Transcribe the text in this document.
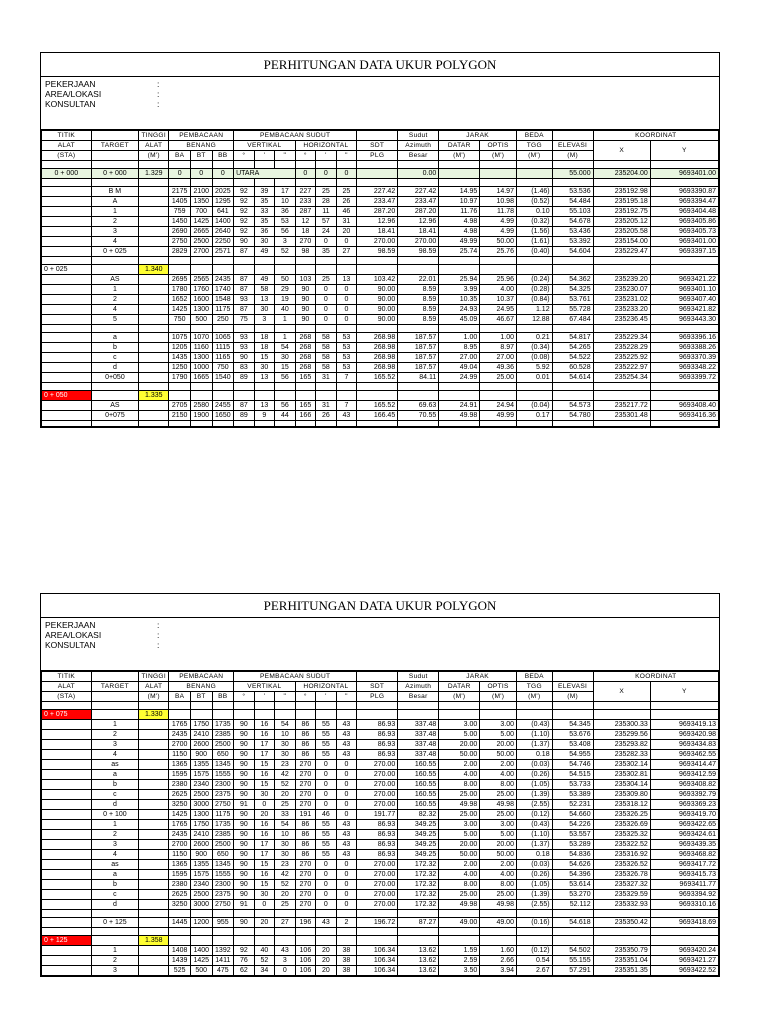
PERHITUNGAN DATA UKUR POLYGON
PEKERJAAN	:
AREA/LOKASI	:
KONSULTAN	:
TITIK		TINGGI	PEMBACAAN			PEMBACAAN SUDUT							Sudut	JARAK		BEDA		KOORDINAT	
ALAT	TARGET	ALAT	BENANG			VERTIKAL			HORIZONTAL			SDT	Azimuth	DATAR	OPTIS	TGG	ELEVASI	X	Y
(STA)		(M')	BA	BT	BB	°	'	"	°	'	"	PLG	Besar	(M')	(M')	(M')	(M)		

0 + 000	0 + 000	1.329	0	0	0	UTARA			0	0	0		0.00				55.000	235204.00	9693401.00

	B M		2175	2100	2025	92	39	17	227	25	25	227.42	227.42	14.95	14.97	(1.46)	53.536	235192.98	9693390.87
	A		1405	1350	1295	92	35	10	233	28	26	233.47	233.47	10.97	10.98	(0.52)	54.484	235195.18	9693394.47
	1		759	700	641	92	33	36	287	11	46	287.20	287.20	11.76	11.78	0.10	55.103	235192.75	9693404.48
	2		1450	1425	1400	92	35	53	12	57	31	12.96	12.96	4.98	4.99	(0.32)	54.678	235205.12	9693405.86
	3		2690	2665	2640	92	36	56	18	24	20	18.41	18.41	4.98	4.99	(1.56)	53.436	235205.58	9693405.73
	4		2750	2500	2250	90	30	3	270	0	0	270.00	270.00	49.99	50.00	(1.61)	53.392	235154.00	9693401.00
	0 + 025		2829	2700	2571	87	49	52	98	35	27	98.59	98.59	25.74	25.76	(0.40)	54.604	235229.47	9693397.15

0 + 025		1.340																	
	AS		2695	2565	2435	87	49	50	103	25	13	103.42	22.01	25.94	25.96	(0.24)	54.362	235239.20	9693421.22
	1		1780	1760	1740	87	58	29	90	0	0	90.00	8.59	3.99	4.00	(0.28)	54.325	235230.07	9693401.10
	2		1652	1600	1548	93	13	19	90	0	0	90.00	8.59	10.35	10.37	(0.84)	53.761	235231.02	9693407.40
	4		1425	1300	1175	87	30	40	90	0	0	90.00	8.59	24.93	24.95	1.12	55.728	235233.20	9693421.82
	5		750	500	250	75	3	1	90	0	0	90.00	8.59	45.09	46.67	12.88	67.484	235236.45	9693443.30

	a		1075	1070	1065	93	18	1	268	58	53	268.98	187.57	1.00	1.00	0.21	54.817	235229.34	9693396.16
	b		1205	1160	1115	93	18	54	268	58	53	268.98	187.57	8.95	8.97	(0.34)	54.265	235228.29	9693388.26
	c		1435	1300	1165	90	15	30	268	58	53	268.98	187.57	27.00	27.00	(0.08)	54.522	235225.92	9693370.39
	d		1250	1000	750	83	30	15	268	58	53	268.98	187.57	49.04	49.36	5.92	60.528	235222.97	9693348.22
	0+050		1790	1665	1540	89	13	56	165	31	7	165.52	84.11	24.99	25.00	0.01	54.614	235254.34	9693399.72

0 + 050		1.335																	
	AS		2705	2580	2455	87	13	56	165	31	7	165.52	69.63	24.91	24.94	(0.04)	54.573	235217.72	9693408.40
	0+075		2150	1900	1650	89	9	44	166	26	43	166.45	70.55	49.98	49.99	0.17	54.780	235301.48	9693416.36

PERHITUNGAN DATA UKUR POLYGON
PEKERJAAN	:
AREA/LOKASI	:
KONSULTAN	:
TITIK		TINGGI	PEMBACAAN			PEMBACAAN SUDUT							Sudut	JARAK		BEDA		KOORDINAT	
ALAT	TARGET	ALAT	BENANG			VERTIKAL			HORIZONTAL			SDT	Azimuth	DATAR	OPTIS	TGG	ELEVASI	X	Y
(STA)		(M')	BA	BT	BB	°	'	"	°	'	"	PLG	Besar	(M')	(M')	(M')	(M)		

0 + 075		1.330																	
	1		1765	1750	1735	90	16	54	86	55	43	86.93	337.48	3.00	3.00	(0.43)	54.345	235300.33	9693419.13
	2		2435	2410	2385	90	16	10	86	55	43	86.93	337.48	5.00	5.00	(1.10)	53.676	235299.56	9693420.98
	3		2700	2600	2500	90	17	30	86	55	43	86.93	337.48	20.00	20.00	(1.37)	53.408	235293.82	9693434.83
	4		1150	900	650	90	17	30	86	55	43	86.93	337.48	50.00	50.00	0.18	54.955	235282.33	9693462.55
	as		1365	1355	1345	90	15	23	270	0	0	270.00	160.55	2.00	2.00	(0.03)	54.746	235302.14	9693414.47
	a		1595	1575	1555	90	16	42	270	0	0	270.00	160.55	4.00	4.00	(0.26)	54.515	235302.81	9693412.59
	b		2380	2340	2300	90	15	52	270	0	0	270.00	160.55	8.00	8.00	(1.05)	53.733	235304.14	9693408.82
	c		2625	2500	2375	90	30	20	270	0	0	270.00	160.55	25.00	25.00	(1.39)	53.389	235309.80	9693392.79
	d		3250	3000	2750	91	0	25	270	0	0	270.00	160.55	49.98	49.98	(2.55)	52.231	235318.12	9693369.23
	0 + 100		1425	1300	1175	90	20	33	191	46	0	191.77	82.32	25.00	25.00	(0.12)	54.660	235326.25	9693419.70
	1		1765	1750	1735	90	16	54	86	55	43	86.93	349.25	3.00	3.00	(0.43)	54.226	235326.69	9693422.65
	2		2435	2410	2385	90	16	10	86	55	43	86.93	349.25	5.00	5.00	(1.10)	53.557	235325.32	9693424.61
	3		2700	2600	2500	90	17	30	86	55	43	86.93	349.25	20.00	20.00	(1.37)	53.289	235322.52	9693439.35
	4		1150	900	650	90	17	30	86	55	43	86.93	349.25	50.00	50.00	0.18	54.836	235316.92	9693468.82
	as		1365	1355	1345	90	15	23	270	0	0	270.00	172.32	2.00	2.00	(0.03)	54.626	235326.52	9693417.72
	a		1595	1575	1555	90	16	42	270	0	0	270.00	172.32	4.00	4.00	(0.26)	54.396	235326.78	9693415.73
	b		2380	2340	2300	90	15	52	270	0	0	270.00	172.32	8.00	8.00	(1.05)	53.614	235327.32	9693411.77
	c		2625	2500	2375	90	30	20	270	0	0	270.00	172.32	25.00	25.00	(1.39)	53.270	235329.59	9693394.92
	d		3250	3000	2750	91	0	25	270	0	0	270.00	172.32	49.98	49.98	(2.55)	52.112	235332.93	9693310.16

	0 + 125		1445	1200	955	90	20	27	196	43	2	196.72	87.27	49.00	49.00	(0.16)	54.618	235350.42	9693418.69

0 + 125		1.358																	
	1		1408	1400	1392	92	40	43	106	20	38	106.34	13.62	1.59	1.60	(0.12)	54.502	235350.79	9693420.24
	2		1439	1425	1411	76	52	3	106	20	38	106.34	13.62	2.59	2.66	0.54	55.155	235351.04	9693421.27
	3		525	500	475	62	34	0	106	20	38	106.34	13.62	3.50	3.94	2.67	57.291	235351.35	9693422.52
